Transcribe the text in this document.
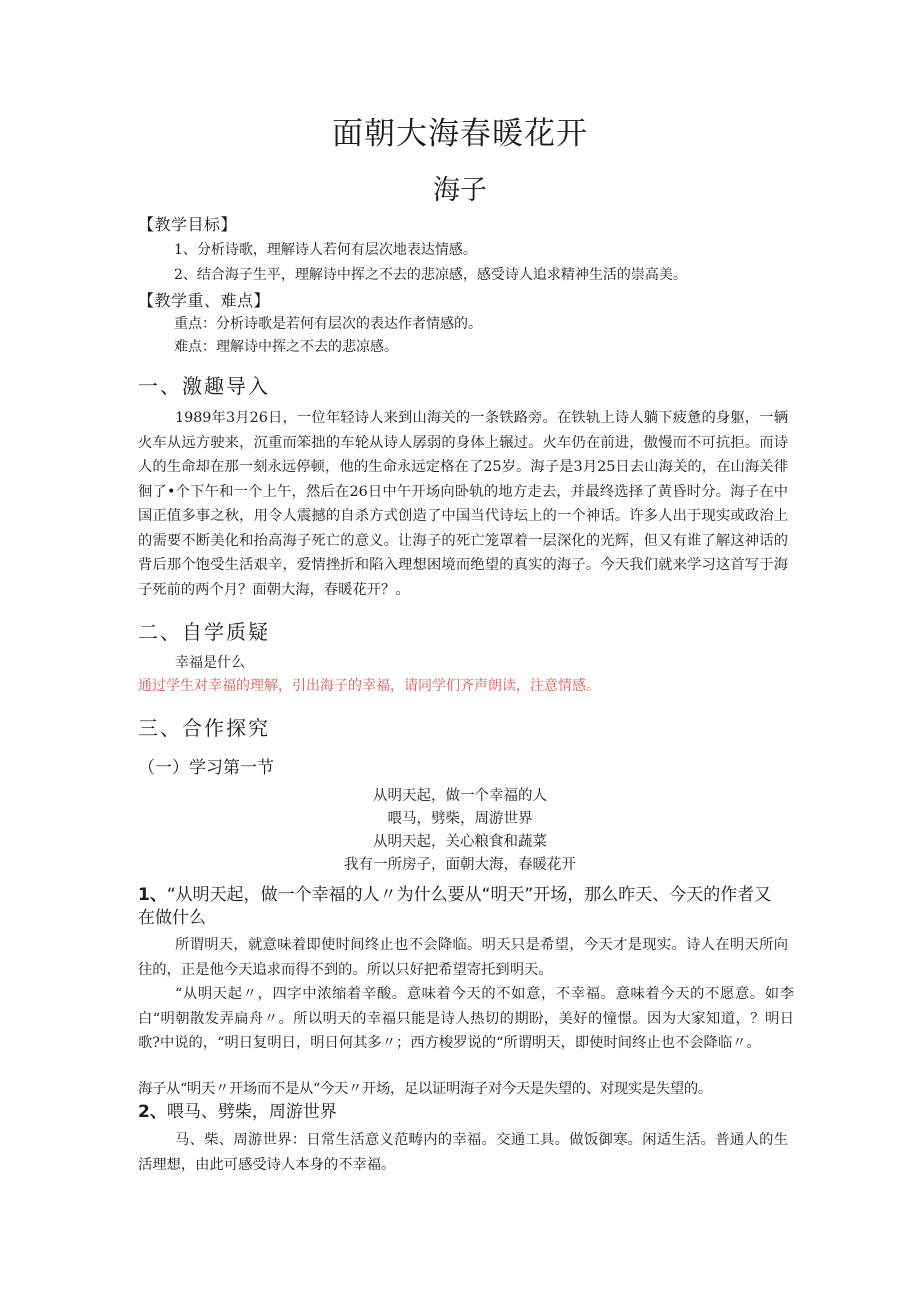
面朝大海春暖花开
海子
【教学目标】
1、分析诗歌，理解诗人若何有层次地表达情感。
2、结合海子生平，理解诗中挥之不去的悲凉感，感受诗人追求精神生活的崇高美。
【教学重、难点】
重点：分析诗歌是若何有层次的表达作者情感的。
难点：理解诗中挥之不去的悲凉感。
一、激趣导入
1989年3月26日，一位年轻诗人来到山海关的一条铁路旁。在铁轨上诗人躺下疲惫的身躯，一辆火车从远方驶来，沉重而笨拙的车轮从诗人孱弱的身体上辗过。火车仍在前进，傲慢而不可抗拒。而诗人的生命却在那一刻永远停顿，他的生命永远定格在了25岁。海子是3月25日去山海关的，在山海关徘徊了•个下午和一个上午，然后在26日中午开场向卧轨的地方走去，并最终选择了黄昏时分。海子在中国正值多事之秋，用令人震撼的自杀方式创造了中国当代诗坛上的一个神话。许多人出于现实或政治上的需要不断美化和抬高海子死亡的意义。让海子的死亡笼罩着一层深化的光辉，但又有谁了解这神话的背后那个饱受生活艰辛，爱情挫折和陷入理想困境而绝望的真实的海子。今天我们就来学习这首写于海子死前的两个月？面朝大海，春暖花开？。
二、自学质疑
幸福是什么
通过学生对幸福的理解，引出海子的幸福，请同学们齐声朗读，注意情感。
三、合作探究
（一）学习第一节
从明天起，做一个幸福的人
喂马，劈柴，周游世界
从明天起，关心粮食和蔬菜
我有一所房子，面朝大海，春暖花开
1、“从明天起，做一个幸福的人〃为什么要从“明天”开场，那么昨天、今天的作者又在做什么
所谓明天，就意味着即使时间终止也不会降临。明天只是希望，今天才是现实。诗人在明天所向往的，正是他今天追求而得不到的。所以只好把希望寄托到明天。
“从明天起〃，四字中浓缩着辛酸。意味着今天的不如意，不幸福。意味着今天的不愿意。如李白“明朝散发弄扁舟〃。所以明天的幸福只能是诗人热切的期盼，美好的憧憬。因为大家知道，？明日歌?中说的，“明日复明日，明日何其多〃；西方梭罗说的“所谓明天，即使时间终止也不会降临〃。
海子从“明天〃开场而不是从“今天〃开场，足以证明海子对今天是失望的、对现实是失望的。
2、喂马、劈柴，周游世界
马、柴、周游世界：日常生活意义范畴内的幸福。交通工具。做饭御寒。闲适生活。普通人的生活理想，由此可感受诗人本身的不幸福。
